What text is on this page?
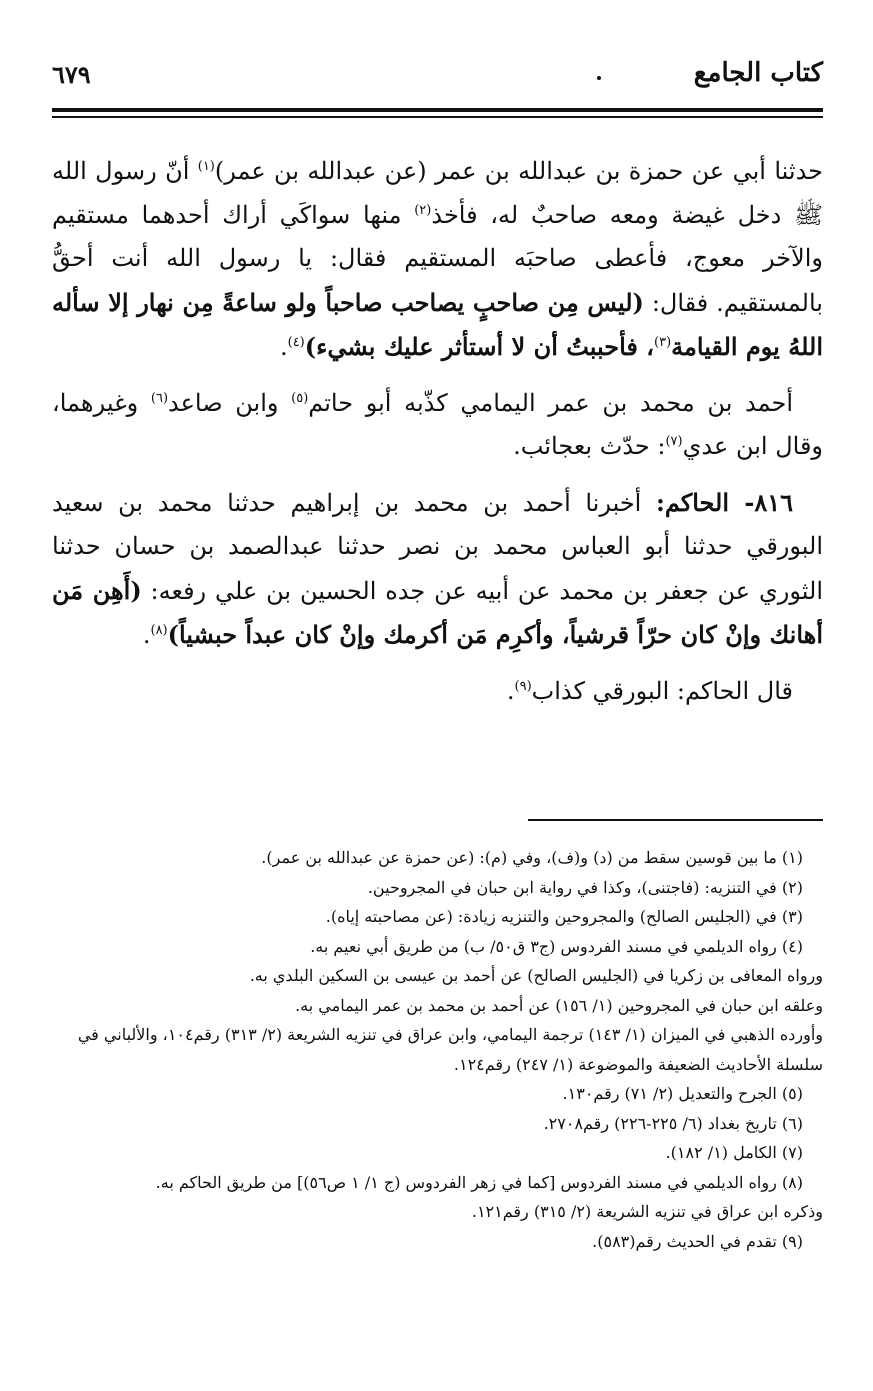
كتاب الجامع
٦٧٩

حدثنا أبي عن حمزة بن عبدالله بن عمر (عن عبدالله بن عمر)$^{(١)}$ أنّ رسول الله ﷺ دخل غيضة ومعه صاحبٌ له، فأخذ$^{(٢)}$ منها سواكَي أراك أحدهما مستقيم والآخر معوج، فأعطى صاحبَه المستقيم فقال: يا رسول الله أنت أحقُّ بالمستقيم. فقال: (ليس مِن صاحبٍ يصاحب صاحباً ولو ساعةً مِن نهار إلا سأله اللهُ يوم القيامة$^{(٣)}$، فأحببتُ أن لا أستأثر عليك بشيء)$^{(٤)}$.

أحمد بن محمد بن عمر اليمامي كذّبه أبو حاتم$^{(٥)}$ وابن صاعد$^{(٦)}$ وغيرهما، وقال ابن عدي$^{(٧)}$: حدّث بعجائب.

٨١٦- الحاكم: أخبرنا أحمد بن محمد بن إبراهيم حدثنا محمد بن سعيد البورقي حدثنا أبو العباس محمد بن نصر حدثنا عبدالصمد بن حسان حدثنا الثوري عن جعفر بن محمد عن أبيه عن جده الحسين بن علي رفعه: (أَهِن مَن أهانك وإنْ كان حرّاً قرشياً، وأكرِم مَن أكرمك وإنْ كان عبداً حبشياً)$^{(٨)}$.

قال الحاكم: البورقي كذاب$^{(٩)}$.

(١) ما بين قوسين سقط من (د) و(ف)، وفي (م): (عن حمزة عن عبدالله بن عمر).

(٢) في التنزيه: (فاجتنى)، وكذا في رواية ابن حبان في المجروحين.

(٣) في (الجليس الصالح) والمجروحين والتنزيه زيادة: (عن مصاحبته إياه).

(٤) رواه الديلمي في مسند الفردوس (ج٣ ق٥٠/ ب) من طريق أبي نعيم به.

ورواه المعافى بن زكريا في (الجليس الصالح) عن أحمد بن عيسى بن السكين البلدي به.

وعلقه ابن حبان في المجروحين (١/ ١٥٦) عن أحمد بن محمد بن عمر اليمامي به.

وأورده الذهبي في الميزان (١/ ١٤٣) ترجمة اليمامي، وابن عراق في تنزيه الشريعة (٢/ ٣١٣) رقم١٠٤، والألباني في سلسلة الأحاديث الضعيفة والموضوعة (١/ ٢٤٧) رقم١٢٤.

(٥) الجرح والتعديل (٢/ ٧١) رقم١٣٠.

(٦) تاريخ بغداد (٦/ ٢٢٥-٢٢٦) رقم٢٧٠٨.

(٧) الكامل (١/ ١٨٢).

(٨) رواه الديلمي في مسند الفردوس [كما في زهر الفردوس (ج ١/ ١ ص٥٦)] من طريق الحاكم به.

وذكره ابن عراق في تنزيه الشريعة (٢/ ٣١٥) رقم١٢١.

(٩) تقدم في الحديث رقم(٥٨٣).
